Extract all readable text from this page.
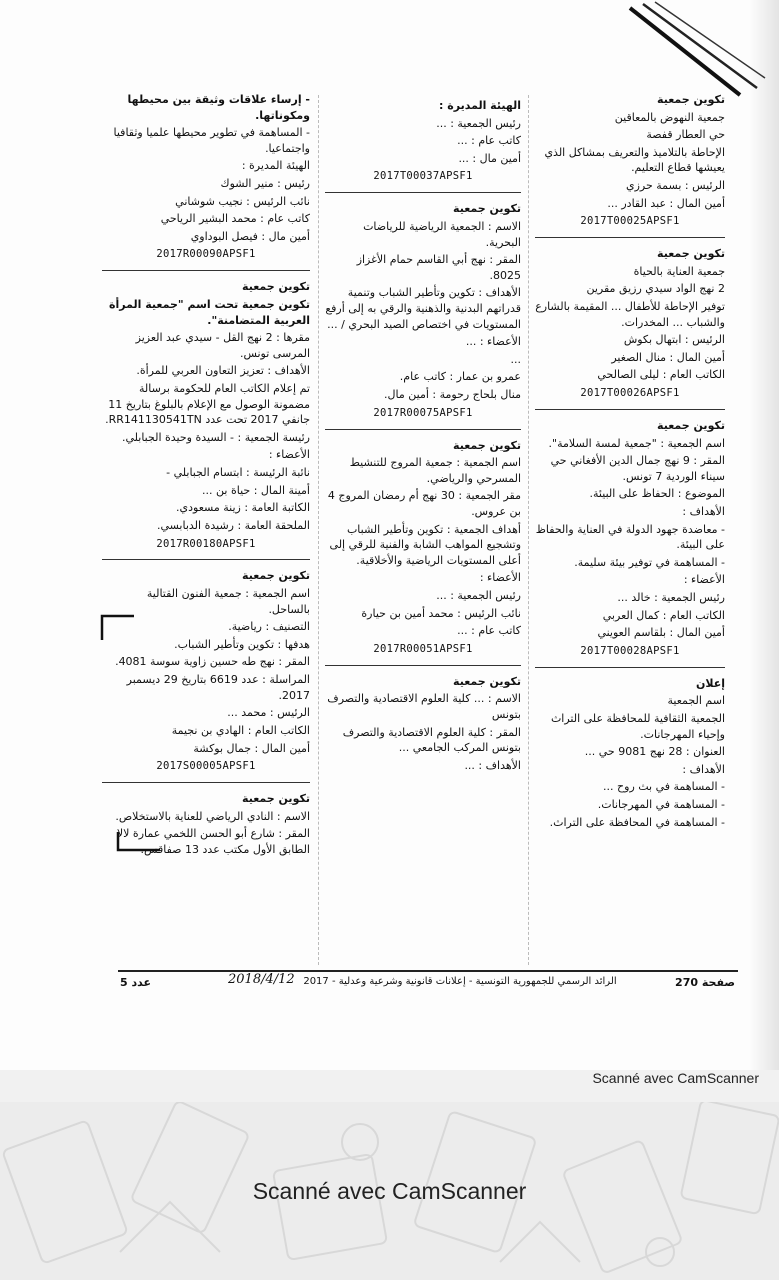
تكوين جمعية

جمعية النهوض بالمعاقين

حي العطار قفصة

الإحاطة بالتلاميذ والتعريف بمشاكل الذي يعيشها قطاع التعليم.

الرئيس : بسمة حرزي

أمين المال : عبد القادر ...

2017T00025APSF1

تكوين جمعية

جمعية العناية بالحياة

2 نهج الواد سيدي رزيق مقرين

توفير الإحاطة للأطفال ... المقيمة بالشارع والشباب ... المخدرات.

الرئيس : ابتهال بكوش

أمين المال : منال الصغير

الكاتب العام : ليلى الصالحي

2017T00026APSF1

تكوين جمعية

اسم الجمعية : "جمعية لمسة السلامة".

المقر : 9 نهج جمال الدين الأفغاني حي سيناء الوردية 7 تونس.

الموضوع : الحفاظ على البيئة.

الأهداف :

- معاضدة جهود الدولة في العناية والحفاظ على البيئة.

- المساهمة في توفير بيئة سليمة.

الأعضاء :

رئيس الجمعية : خالد ...

الكاتب العام : كمال العربي

أمين المال : بلقاسم العويني

2017T00028APSF1

إعلان

اسم الجمعية

الجمعية الثقافية للمحافظة على التراث وإحياء المهرجانات.

العنوان : 28 نهج 9081 حي ...

الأهداف :

- المساهمة في بث روح ...

- المساهمة في المهرجانات.

- المساهمة في المحافظة على التراث.

الهيئة المديرة :

رئيس الجمعية : ...

كاتب عام : ...

أمين مال : ...

2017T00037APSF1

تكوين جمعية

الاسم : الجمعية الرياضية للرياضات البحرية.

المقر : نهج أبي القاسم حمام الأغزاز 8025.

الأهداف : تكوين وتأطير الشباب وتنمية قدراتهم البدنية والذهنية والرقي به إلى أرفع المستويات في اختصاص الصيد البحري / ...

الأعضاء : ...

...

عمرو بن عمار : كاتب عام.

منال بلحاج رحومة : أمين مال.

2017R00075APSF1

تكوين جمعية

اسم الجمعية : جمعية المروج للتنشيط المسرحي والرياضي.

مقر الجمعية : 30 نهج أم رمضان المروج 4 بن عروس.

أهداف الجمعية : تكوين وتأطير الشباب وتشجيع المواهب الشابة والفنية للرقي إلى أعلى المستويات الرياضية والأخلاقية.

الأعضاء :

رئيس الجمعية : ...

نائب الرئيس : محمد أمين بن حيارة

كاتب عام : ...

2017R00051APSF1

تكوين جمعية

الاسم : ... كلية العلوم الاقتصادية والتصرف بتونس

المقر : كلية العلوم الاقتصادية والتصرف بتونس المركب الجامعي ...

الأهداف : ...

- إرساء علاقات وثيقة بين محيطها ومكوناتها.

- المساهمة في تطوير محيطها علميا وثقافيا واجتماعيا.

الهيئة المديرة :

رئيس : منير الشوك

نائب الرئيس : نجيب شوشاني

كاتب عام : محمد البشير الرياحي

أمين مال : فيصل البوداوي

2017R00090APSF1

تكوين جمعية

تكوين جمعية تحت اسم "جمعية المرأة العربية المتضامنة".

مقرها : 2 نهج القل - سيدي عبد العزيز المرسى تونس.

الأهداف : تعزيز التعاون العربي للمرأة.

تم إعلام الكاتب العام للحكومة برسالة مضمونة الوصول مع الإعلام بالبلوغ بتاريخ 11 جانفي 2017 تحت عدد RR141130541TN.

رئيسة الجمعية : - السيدة وحيدة الجبابلي.

الأعضاء :

نائبة الرئيسة : ابتسام الجبابلي -

أمينة المال : حياة بن ...

الكاتبة العامة : زينة مسعودي.

الملحقة العامة : رشيدة الدبابسي.

2017R00180APSF1

تكوين جمعية

اسم الجمعية : جمعية الفنون القتالية بالساحل.

التصنيف : رياضية.

هدفها : تكوين وتأطير الشباب.

المقر : نهج طه حسين زاوية سوسة 4081.

المراسلة : عدد 6619 بتاريخ 29 ديسمبر 2017.

الرئيس : محمد ...

الكاتب العام : الهادي بن نجيمة

أمين المال : جمال بوكشة

2017S00005APSF1

تكوين جمعية

الاسم : النادي الرياضي للعناية بالاستخلاص.

المقر : شارع أبو الحسن اللخمي عمارة لالا الطابق الأول مكتب عدد 13 صفاقس.

صفحة 270
الرائد الرسمي للجمهورية التونسية - إعلانات قانونية وشرعية وعدلية - 2017
2018/4/12
عدد 5
Scanné avec CamScanner
Scanné avec CamScanner
